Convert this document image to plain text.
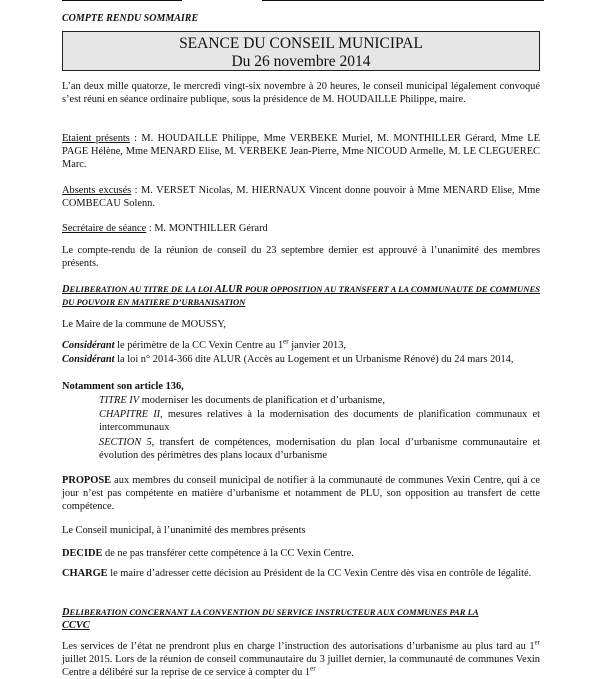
COMPTE RENDU SOMMAIRE
SEANCE DU CONSEIL MUNICIPAL
Du 26 novembre 2014
L’an deux mille quatorze, le mercredi vingt-six novembre à 20 heures, le conseil municipal légalement convoqué s’est réuni en séance ordinaire publique, sous la présidence de M. HOUDAILLE Philippe, maire.
Etaient présents : M. HOUDAILLE Philippe, Mme VERBEKE Muriel, M. MONTHILLER Gérard, Mme LE PAGE Hélène, Mme MENARD Elise, M. VERBEKE Jean-Pierre, Mme NICOUD Armelle, M. LE CLEGUEREC Marc.
Absents excusés : M. VERSET Nicolas, M. HIERNAUX Vincent donne pouvoir à Mme MENARD Elise, Mme COMBECAU Solenn.
Secrétaire de séance : M. MONTHILLER Gérard
Le compte-rendu de la réunion de conseil du 23 septembre dernier est approuvé à l’unanimité des membres présents.
DELIBERATION AU TITRE DE LA LOI ALUR POUR OPPOSITION AU TRANSFERT A LA COMMUNAUTE DE COMMUNES DU POUVOIR EN MATIERE D’URBANISATION
Le Maire de la commune de MOUSSY,
Considérant le périmètre de la CC Vexin Centre au 1er janvier 2013,
Considérant la loi n° 2014-366 dite ALUR (Accès au Logement et un Urbanisme Rénové) du 24 mars 2014,
Notamment son article 136,
TITRE IV moderniser les documents de planification et d’urbanisme,
CHAPITRE II, mesures relatives à la modernisation des documents de planification communaux et intercommunaux
SECTION 5, transfert de compétences, modernisation du plan local d’urbanisme communautaire et évolution des périmètres des plans locaux d’urbanisme
PROPOSE aux membres du conseil municipal de notifier à la communauté de communes Vexin Centre, qui à ce jour n’est pas compétente en matière d’urbanisme et notamment de PLU, son opposition au transfert de cette compétence.
Le Conseil municipal, à l’unanimité des membres présents
DECIDE de ne pas transférer cette compétence à la CC Vexin Centre.
CHARGE le maire d’adresser cette décision au Président de la CC Vexin Centre dès visa en contrôle de légalité.
DELIBERATION CONCERNANT LA CONVENTION DU SERVICE INSTRUCTEUR AUX COMMUNES PAR LA
CCVC
Les services de l’état ne prendront plus en charge l’instruction des autorisations d’urbanisme au plus tard au 1er juillet 2015. Lors de la réunion de conseil communautaire du 3 juillet dernier, la communauté de communes Vexin Centre a délibéré sur la reprise de ce service à compter du 1er
